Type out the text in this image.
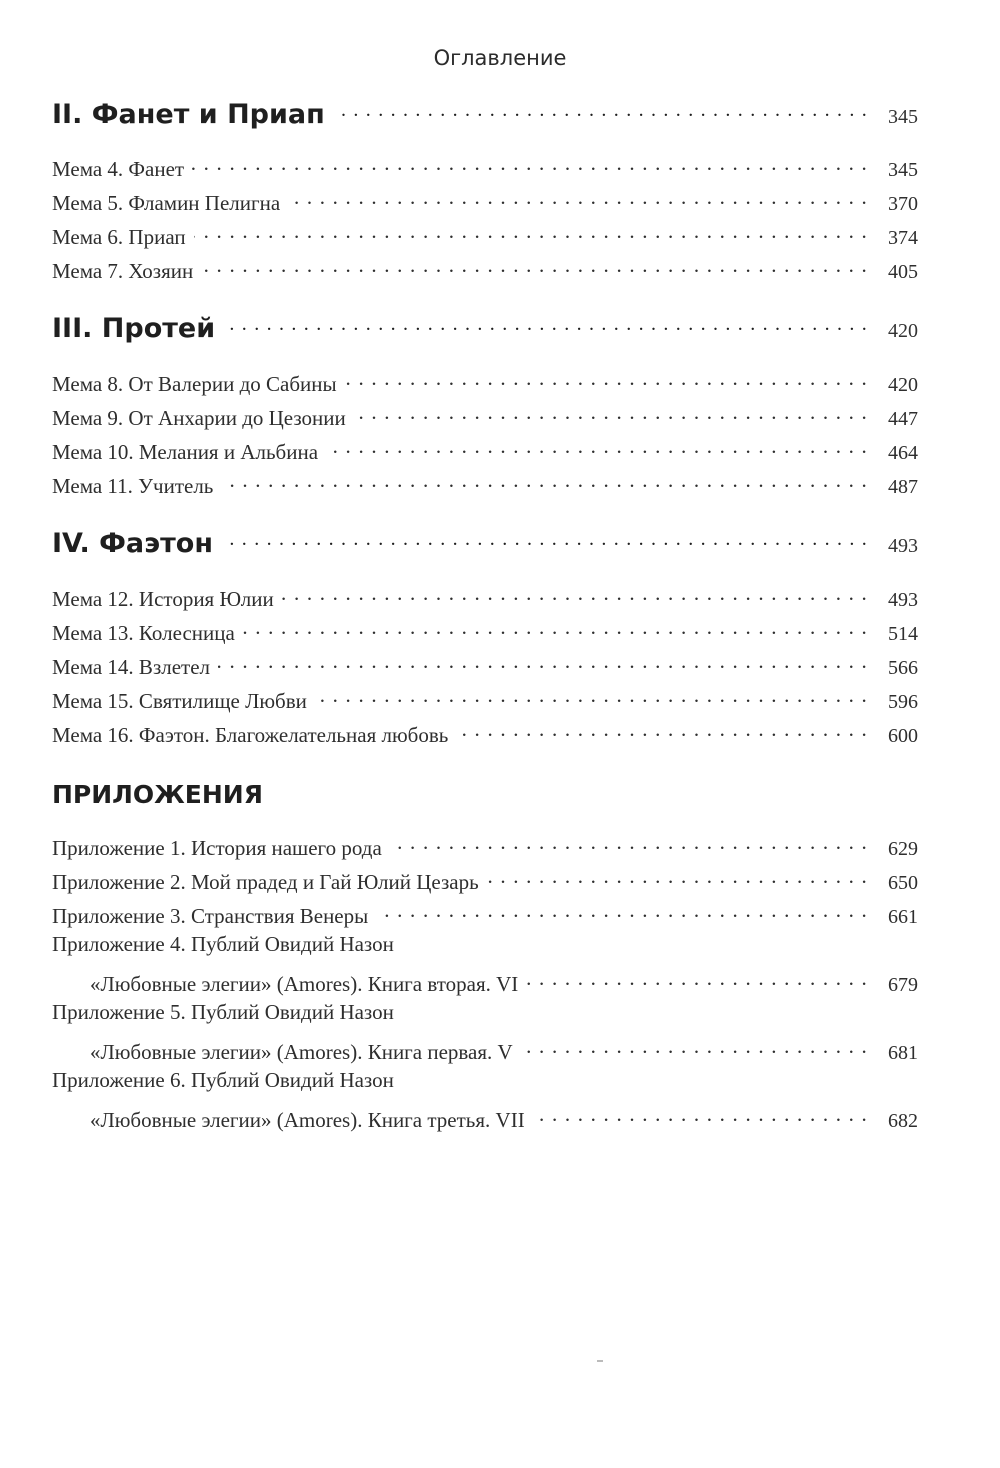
Оглавление
II. Фанет и Приап . . .	345
Мема 4. Фанет . . .	345
Мема 5. Фламин Пелигна . . .	370
Мема 6. Приап . . .	374
Мема 7. Хозяин . . .	405
III. Протей . . .	420
Мема 8. От Валерии до Сабины . . .	420
Мема 9. От Анхарии до Цезонии . . .	447
Мема 10. Мелания и Альбина . . .	464
Мема 11. Учитель . . .	487
IV. Фаэтон . . .	493
Мема 12. История Юлии . . .	493
Мема 13. Колесница . . .	514
Мема 14. Взлетел . . .	566
Мема 15. Святилище Любви . . .	596
Мема 16. Фаэтон. Благожелательная любовь . . .	600
ПРИЛОЖЕНИЯ
Приложение 1. История нашего рода . . .	629
Приложение 2. Мой прадед и Гай Юлий Цезарь . . .	650
Приложение 3. Странствия Венеры . . .	661
Приложение 4. Публий Овидий Назон
«Любовные элегии» (Amores). Книга вторая. VI . . .	679
Приложение 5. Публий Овидий Назон
«Любовные элегии» (Amores). Книга первая. V . . .	681
Приложение 6. Публий Овидий Назон
«Любовные элегии» (Amores). Книга третья. VII . . .	682
